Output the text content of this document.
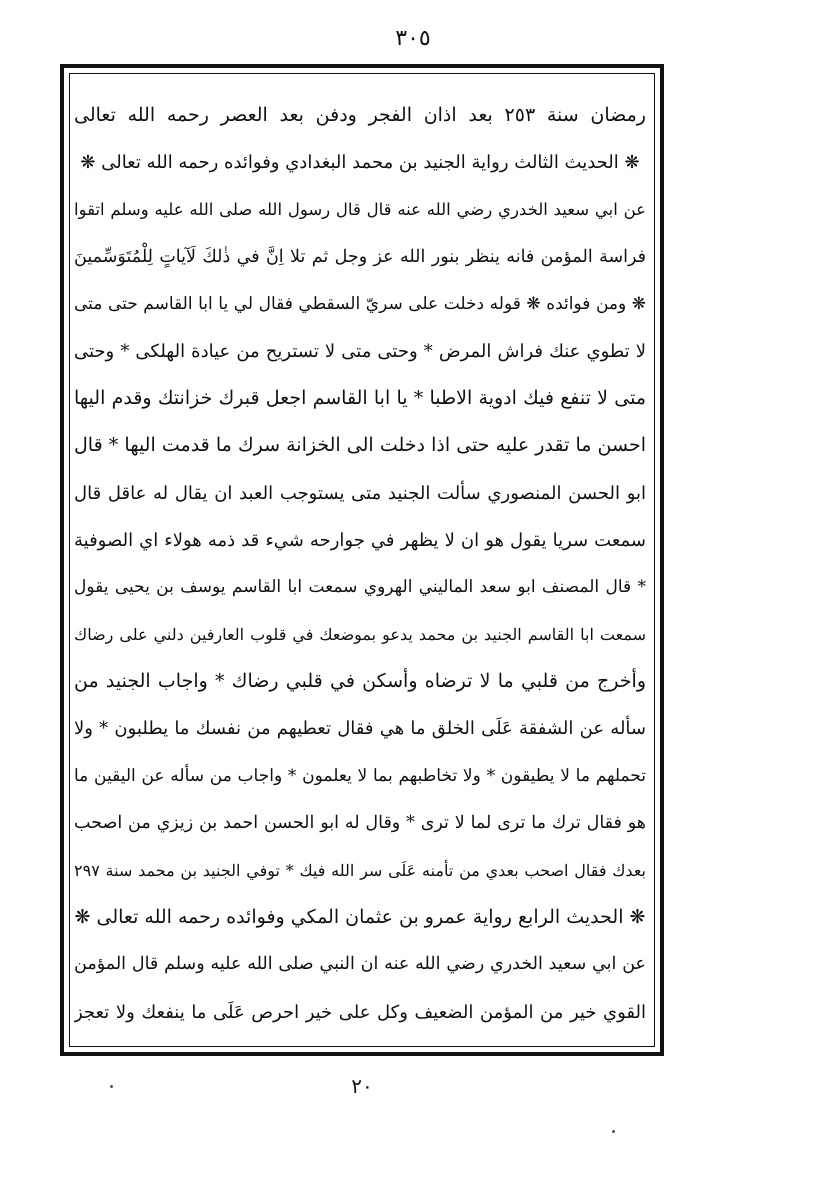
٣٠٥
رمضان سنة ٢٥٣ بعد اذان الفجر ودفن بعد العصر رحمه الله تعالى
❋ الحديث الثالث رواية الجنيد بن محمد البغدادي وفوائده رحمه الله تعالى ❋
عن ابي سعيد الخدري رضي الله عنه قال قال رسول الله صلى الله عليه وسلم اتقوا
فراسة المؤمن فانه ينظر بنور الله عز وجل ثم تلا اِنَّ في ذٰلكَ لَآياتٍ لِلْمُتَوَسِّمينَ
❋ ومن فوائده ❋ قوله دخلت على سريّ السقطي فقال لي يا ابا القاسم حتى متى
لا تطوي عنك فراش المرض * وحتى متى لا تستريح من عيادة الهلكى * وحتى
متى لا تنفع فيك ادوية الاطبا * يا ابا القاسم اجعل قبرك خزانتك وقدم اليها
احسن ما تقدر عليه حتى اذا دخلت الى الخزانة سرك ما قدمت اليها * قال
ابو الحسن المنصوري سألت الجنيد متى يستوجب العبد ان يقال له عاقل قال
سمعت سريا يقول هو ان لا يظهر في جوارحه شيء قد ذمه هولاء اي الصوفية
* قال المصنف ابو سعد الماليني الهروي سمعت ابا القاسم يوسف بن يحيى يقول
سمعت ابا القاسم الجنيد بن محمد يدعو بموضعك في قلوب العارفين دلني على رضاك
وأخرج من قلبي ما لا ترضاه وأسكن في قلبي رضاك * واجاب الجنيد من
سأله عن الشفقة عَلَى الخلق ما هي فقال تعطيهم من نفسك ما يطلبون * ولا
تحملهم ما لا يطيقون * ولا تخاطبهم بما لا يعلمون * واجاب من سأله عن اليقين ما
هو فقال ترك ما ترى لما لا ترى * وقال له ابو الحسن احمد بن زيزي من اصحب
بعدك فقال اصحب بعدي من تأمنه عَلَى سر الله فيك * توفي الجنيد بن محمد سنة ٢٩٧
❋ الحديث الرابع رواية عمرو بن عثمان المكي وفوائده رحمه الله تعالى ❋
عن ابي سعيد الخدري رضي الله عنه ان النبي صلى الله عليه وسلم قال المؤمن
القوي خير من المؤمن الضعيف وكل على خير احرص عَلَى ما ينفعك ولا تعجز
٢٠
